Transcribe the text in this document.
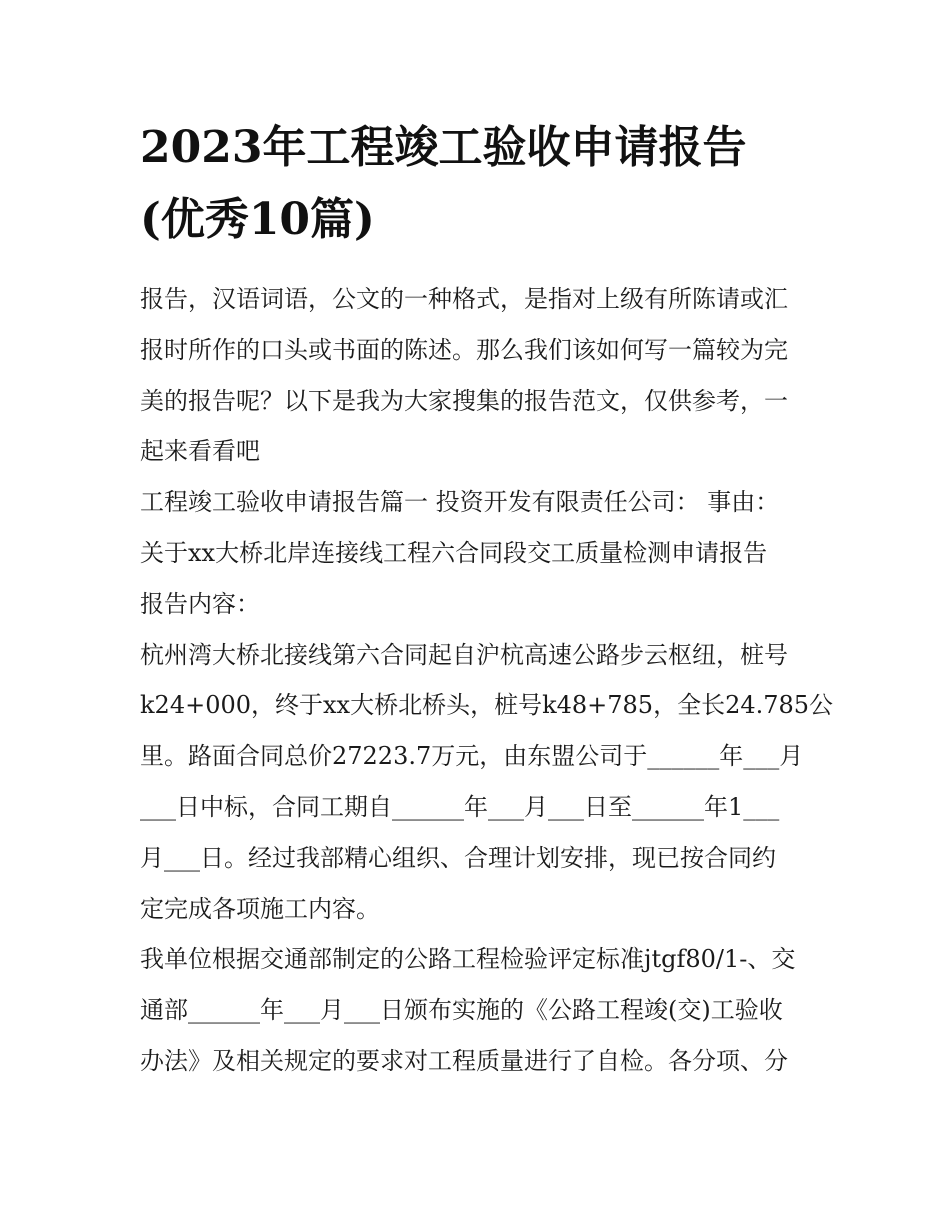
2023年工程竣工验收申请报告
(优秀10篇)
报告，汉语词语，公文的一种格式，是指对上级有所陈请或汇
报时所作的口头或书面的陈述。那么我们该如何写一篇较为完
美的报告呢？以下是我为大家搜集的报告范文，仅供参考，一
起来看看吧
工程竣工验收申请报告篇一 投资开发有限责任公司： 事由：
关于xx大桥北岸连接线工程六合同段交工质量检测申请报告
报告内容：
杭州湾大桥北接线第六合同起自沪杭高速公路步云枢纽，桩号
k24+000，终于xx大桥北桥头，桩号k48+785，全长24.785公
里。路面合同总价27223.7万元，由东盟公司于______年___月
___日中标，合同工期自______年___月___日至______年1___
月___日。经过我部精心组织、合理计划安排，现已按合同约
定完成各项施工内容。
我单位根据交通部制定的公路工程检验评定标准jtgf80/1-、交
通部______年___月___日颁布实施的《公路工程竣(交)工验收
办法》及相关规定的要求对工程质量进行了自检。各分项、分
